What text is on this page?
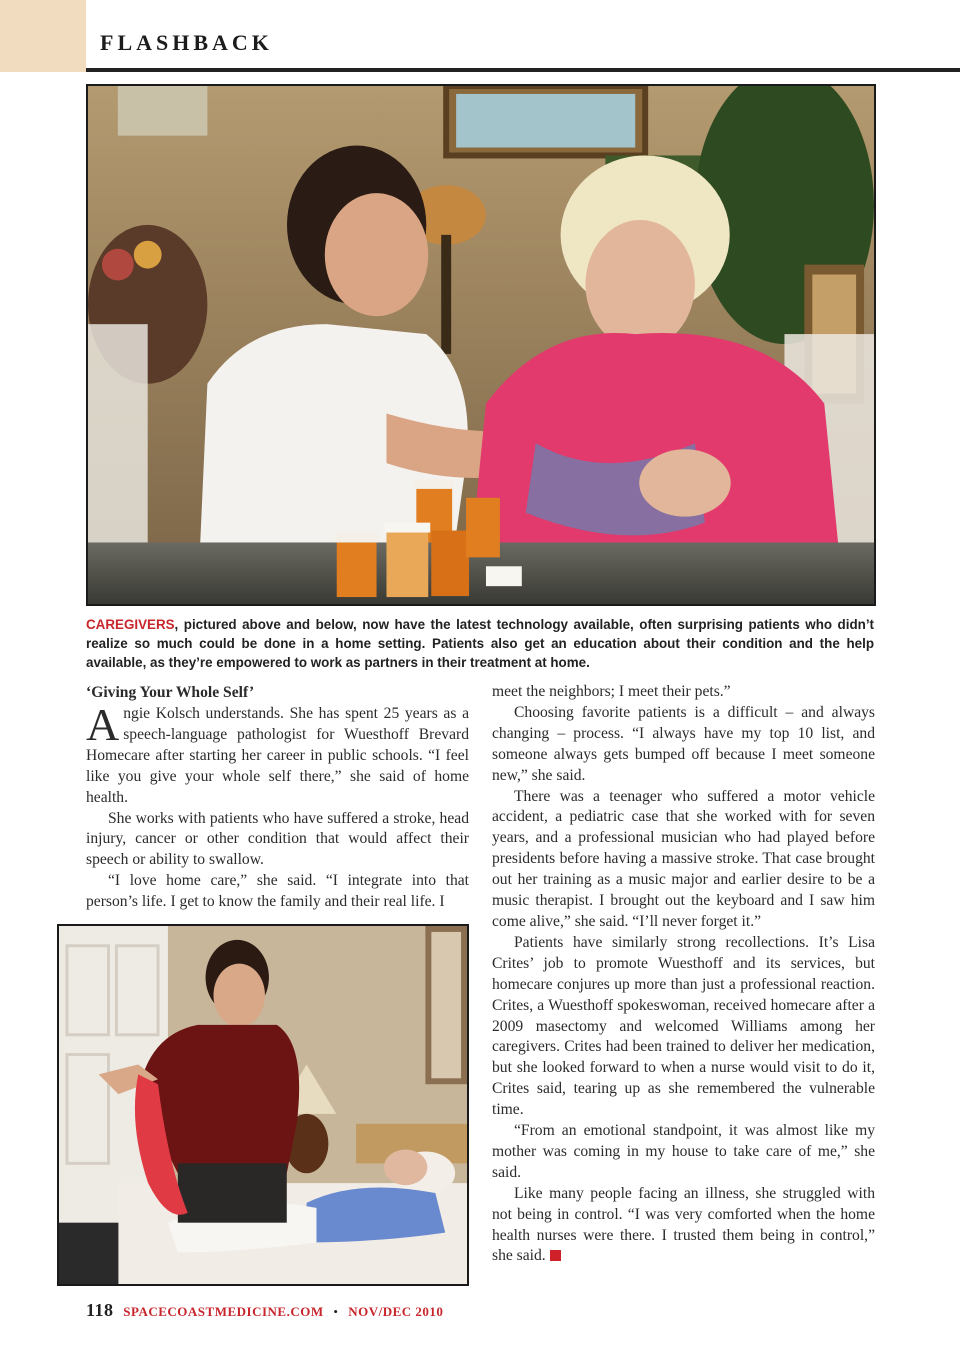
FLASHBACK
CAREGIVERS, pictured above and below, now have the latest technology available, often surprising patients who didn’t realize so much could be done in a home setting. Patients also get an education about their condition and the help available, as they’re empowered to work as partners in their treatment at home.
‘Giving Your Whole Self’

Angie Kolsch understands. She has spent 25 years as a speech-language pathologist for Wuesthoff Brevard Homecare after starting her career in public schools. “I feel like you give your whole self there,” she said of home health.

She works with patients who have suffered a stroke, head injury, cancer or other condition that would affect their speech or ability to swallow.

“I love home care,” she said. “I integrate into that person’s life. I get to know the family and their real life. I

meet the neighbors; I meet their pets.”

Choosing favorite patients is a difficult – and always changing – process. “I always have my top 10 list, and someone always gets bumped off because I meet someone new,” she said.

There was a teenager who suffered a motor vehicle accident, a pediatric case that she worked with for seven years, and a professional musician who had played before presidents before having a massive stroke. That case brought out her training as a music major and earlier desire to be a music therapist. I brought out the keyboard and I saw him come alive,” she said. “I’ll never forget it.”

Patients have similarly strong recollections. It’s Lisa Crites’ job to promote Wuesthoff and its services, but homecare conjures up more than just a professional reaction. Crites, a Wuesthoff spokeswoman, received homecare after a 2009 masectomy and welcomed Williams among her caregivers. Crites had been trained to deliver her medication, but she looked forward to when a nurse would visit to do it, Crites said, tearing up as she remembered the vulnerable time.

“From an emotional standpoint, it was almost like my mother was coming in my house to take care of me,” she said.

Like many people facing an illness, she struggled with not being in control. “I was very comforted when the home health nurses were there. I trusted them being in control,” she said.

118 SPACECOASTMEDICINE.COM • NOV/DEC 2010
